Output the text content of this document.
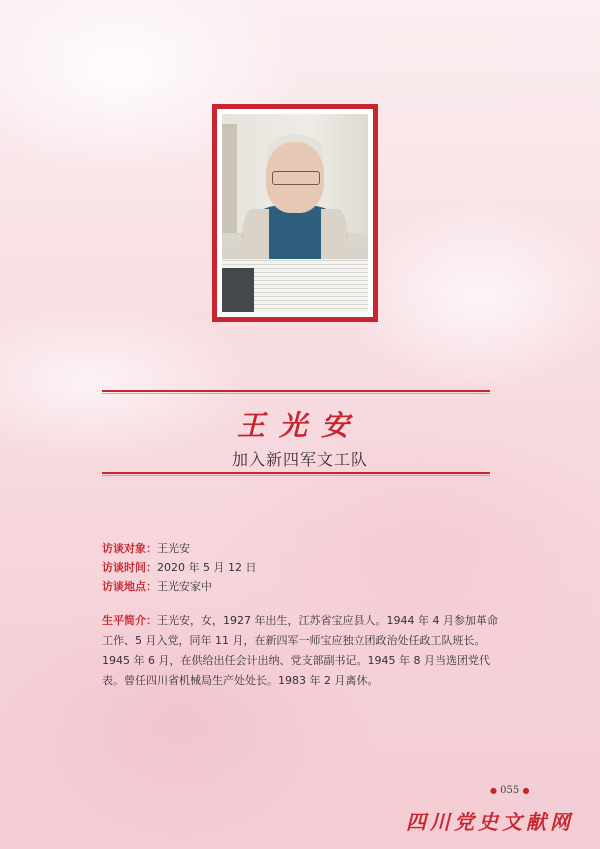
王光安
加入新四军文工队
访谈对象：王光安
访谈时间：2020 年 5 月 12 日
访谈地点：王光安家中
生平简介：王光安，女，1927 年出生，江苏省宝应县人。1944 年 4 月参加革命工作、5 月入党，同年 11 月，在新四军一师宝应独立团政治处任政工队班长。1945 年 6 月，在供给出任会计出纳、党支部副书记。1945 年 8 月当选团党代表。曾任四川省机械局生产处处长。1983 年 2 月离休。
● 055 ●
四川党史文献网
